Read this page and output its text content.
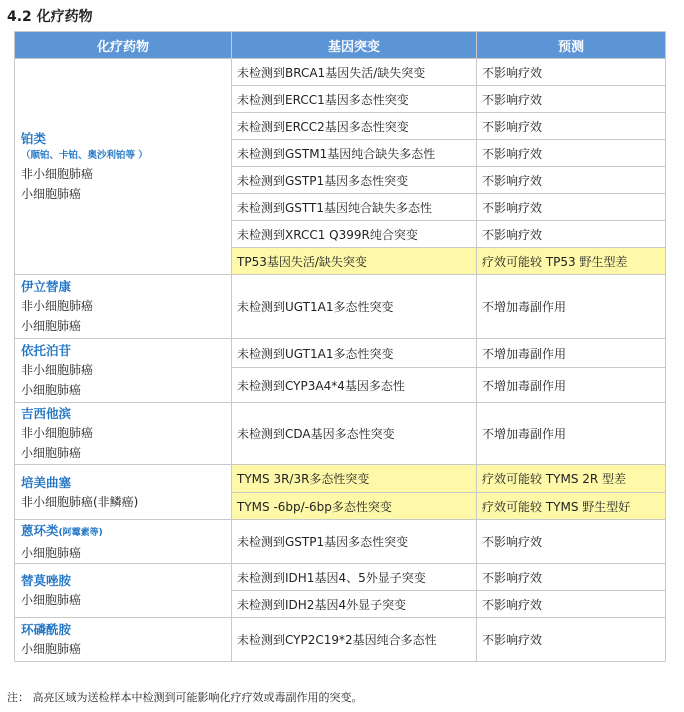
4.2 化疗药物
化疗药物	基因突变	预测

铂类
（顺铂、卡铂、奥沙利铂等 ）
非小细胞肺癌
小细胞肺癌	未检测到BRCA1基因失活/缺失突变	不影响疗效
	未检测到ERCC1基因多态性突变	不影响疗效
	未检测到ERCC2基因多态性突变	不影响疗效
	未检测到GSTM1基因纯合缺失多态性	不影响疗效
	未检测到GSTP1基因多态性突变	不影响疗效
	未检测到GSTT1基因纯合缺失多态性	不影响疗效
	未检测到XRCC1 Q399R纯合突变	不影响疗效
	TP53基因失活/缺失突变	疗效可能较 TP53 野生型差

伊立替康
非小细胞肺癌
小细胞肺癌	未检测到UGT1A1多态性突变	不增加毒副作用

依托泊苷
非小细胞肺癌
小细胞肺癌	未检测到UGT1A1多态性突变	不增加毒副作用
	未检测到CYP3A4*4基因多态性	不增加毒副作用

吉西他滨
非小细胞肺癌
小细胞肺癌	未检测到CDA基因多态性突变	不增加毒副作用

培美曲塞
非小细胞肺癌(非鳞癌)	TYMS 3R/3R多态性突变	疗效可能较 TYMS 2R 型差
	TYMS -6bp/-6bp多态性突变	疗效可能较 TYMS 野生型好

蒽环类(阿霉素等)
小细胞肺癌	未检测到GSTP1基因多态性突变	不影响疗效

替莫唑胺
小细胞肺癌	未检测到IDH1基因4、5外显子突变	不影响疗效
	未检测到IDH2基因4外显子突变	不影响疗效

环磷酰胺
小细胞肺癌	未检测到CYP2C19*2基因纯合多态性	不影响疗效
注： 高亮区域为送检样本中检测到可能影响化疗疗效或毒副作用的突变。
